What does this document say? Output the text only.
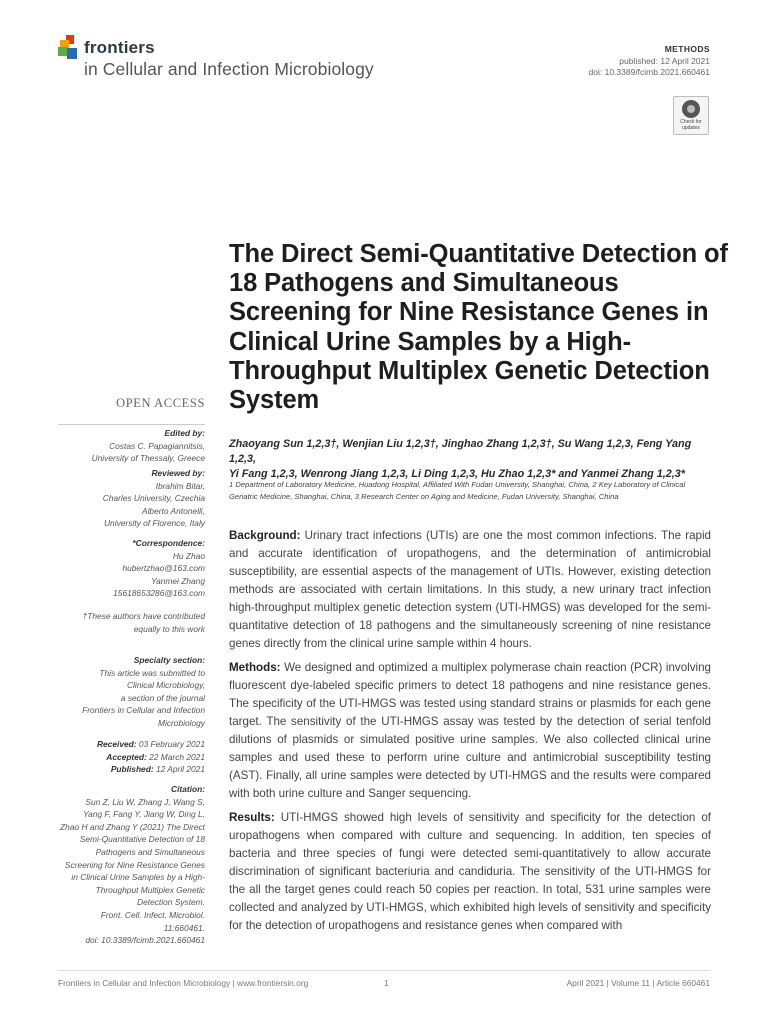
frontiers
in Cellular and Infection Microbiology
METHODS
published: 12 April 2021
doi: 10.3389/fcimb.2021.660461
Check for updates
The Direct Semi-Quantitative Detection of 18 Pathogens and Simultaneous Screening for Nine Resistance Genes in Clinical Urine Samples by a High-Throughput Multiplex Genetic Detection System
Zhaoyang Sun 1,2,3†, Wenjian Liu 1,2,3†, Jinghao Zhang 1,2,3†, Su Wang 1,2,3, Feng Yang 1,2,3,
Yi Fang 1,2,3, Wenrong Jiang 1,2,3, Li Ding 1,2,3, Hu Zhao 1,2,3* and Yanmei Zhang 1,2,3*
1 Department of Laboratory Medicine, Huadong Hospital, Affiliated With Fudan University, Shanghai, China, 2 Key Laboratory of Clinical Geriatric Medicine, Shanghai, China, 3 Research Center on Aging and Medicine, Fudan University, Shanghai, China

Background: Urinary tract infections (UTIs) are one the most common infections. The rapid and accurate identification of uropathogens, and the determination of antimicrobial susceptibility, are essential aspects of the management of UTIs. However, existing detection methods are associated with certain limitations. In this study, a new urinary tract infection high-throughput multiplex genetic detection system (UTI-HMGS) was developed for the semi-quantitative detection of 18 pathogens and the simultaneously screening of nine resistance genes directly from the clinical urine sample within 4 hours.

Methods: We designed and optimized a multiplex polymerase chain reaction (PCR) involving fluorescent dye-labeled specific primers to detect 18 pathogens and nine resistance genes. The specificity of the UTI-HMGS was tested using standard strains or plasmids for each gene target. The sensitivity of the UTI-HMGS assay was tested by the detection of serial tenfold dilutions of plasmids or simulated positive urine samples. We also collected clinical urine samples and used these to perform urine culture and antimicrobial susceptibility testing (AST). Finally, all urine samples were detected by UTI-HMGS and the results were compared with both urine culture and Sanger sequencing.

Results: UTI-HMGS showed high levels of sensitivity and specificity for the detection of uropathogens when compared with culture and sequencing. In addition, ten species of bacteria and three species of fungi were detected semi-quantitatively to allow accurate discrimination of significant bacteriuria and candiduria. The sensitivity of the UTI-HMGS for the all the target genes could reach 50 copies per reaction. In total, 531 urine samples were collected and analyzed by UTI-HMGS, which exhibited high levels of sensitivity and specificity for the detection of uropathogens and resistance genes when compared with

OPEN ACCESS
Edited by:
Costas C. Papagiannitsis,
University of Thessaly, Greece
Reviewed by:
Ibrahim Bitar,
Charles University, Czechia
Alberto Antonelli,
University of Florence, Italy
*Correspondence:
Hu Zhao
hubertzhao@163.com
Yanmei Zhang
15618653286@163.com
†These authors have contributed
equally to this work
Specialty section:
This article was submitted to
Clinical Microbiology,
a section of the journal
Frontiers in Cellular and Infection
Microbiology
Received: 03 February 2021
Accepted: 22 March 2021
Published: 12 April 2021
Citation:
Sun Z, Liu W, Zhang J, Wang S,
Yang F, Fang Y, Jiang W, Ding L,
Zhao H and Zhang Y (2021) The Direct
Semi-Quantitative Detection of 18
Pathogens and Simultaneous
Screening for Nine Resistance Genes
in Clinical Urine Samples by a High-
Throughput Multiplex Genetic
Detection System.
Front. Cell. Infect. Microbiol. 11:660461.
doi: 10.3389/fcimb.2021.660461
Frontiers in Cellular and Infection Microbiology | www.frontiersin.org	1	April 2021 | Volume 11 | Article 660461
